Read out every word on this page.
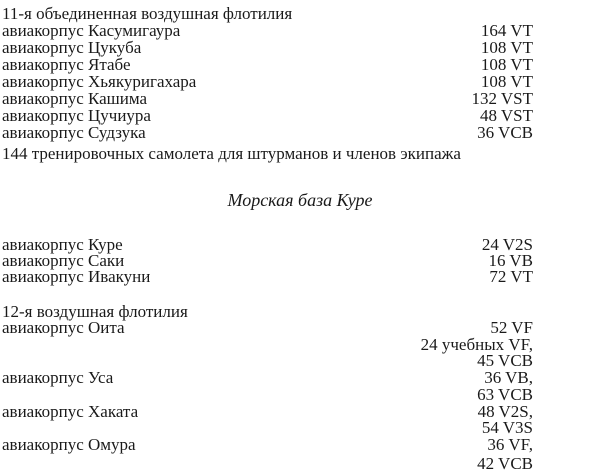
11-я объединенная воздушная флотилия
авиакорпус Касумигаура	164 VT
авиакорпус Цукуба	108 VT
авиакорпус Ятабе	108 VT
авиакорпус Хьякуригахара	108 VT
авиакорпус Кашима	132 VST
авиакорпус Цучиура	48 VST
авиакорпус Судзука	36 VCB
144 тренировочных самолета для штурманов и членов экипажа
Морская база Куре
авиакорпус Куре	24 V2S
авиакорпус Саки	16 VB
авиакорпус Ивакуни	72 VT
12-я воздушная флотилия
авиакорпус Оита	52 VF
24 учебных VF,
45 VCB
авиакорпус Уса	36 VB,
63 VCB
авиакорпус Хаката	48 V2S,
54 V3S
авиакорпус Омура	36 VF,
42 VCB
